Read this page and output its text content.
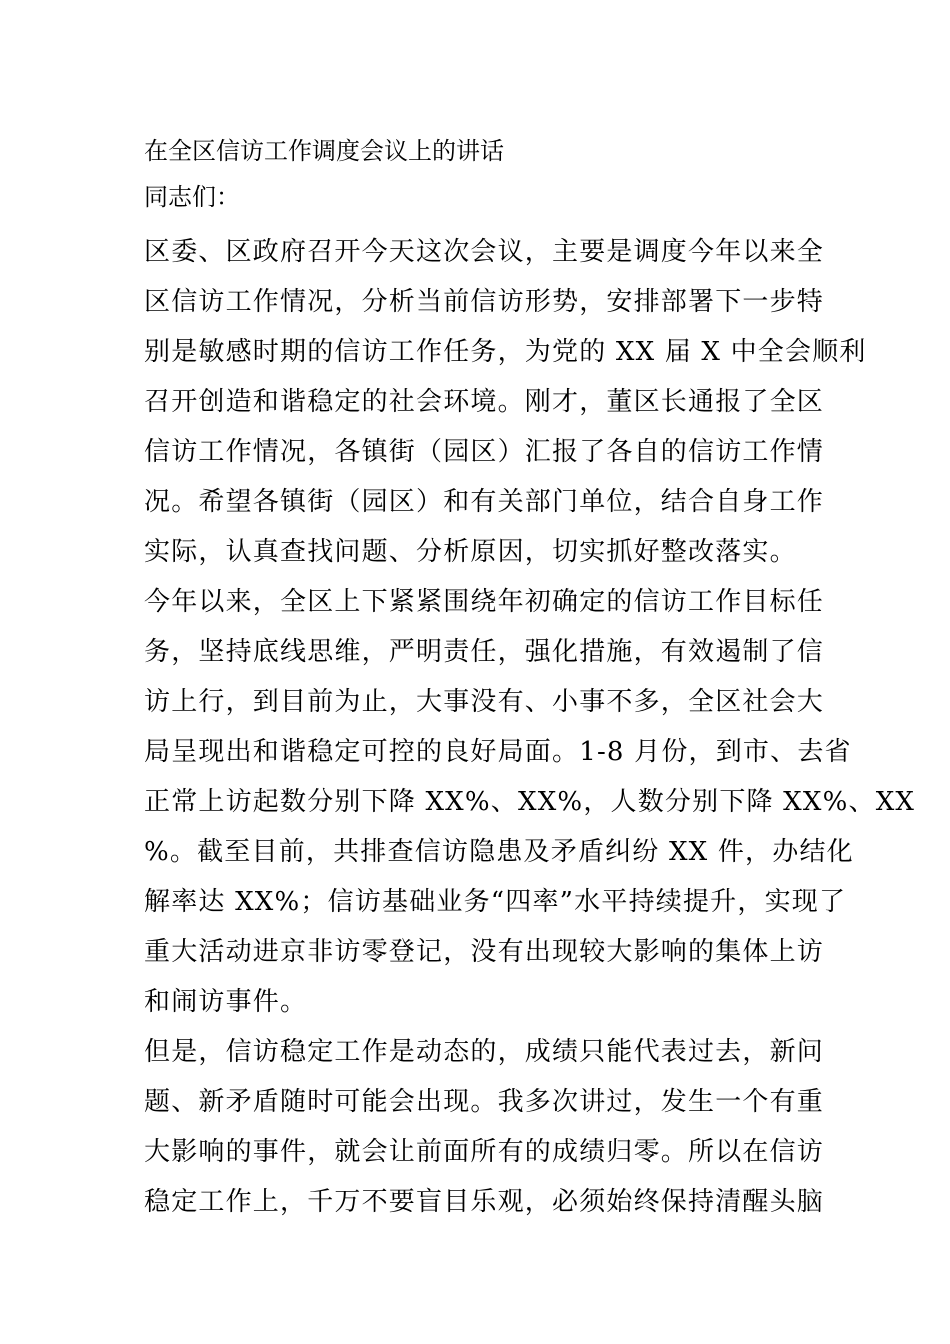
在全区信访工作调度会议上的讲话
同志们：
区委、区政府召开今天这次会议，主要是调度今年以来全
区信访工作情况，分析当前信访形势，安排部署下一步特
别是敏感时期的信访工作任务，为党的 XX 届 X 中全会顺利
召开创造和谐稳定的社会环境。刚才，董区长通报了全区
信访工作情况，各镇街（园区）汇报了各自的信访工作情
况。希望各镇街（园区）和有关部门单位，结合自身工作
实际，认真查找问题、分析原因，切实抓好整改落实。
今年以来，全区上下紧紧围绕年初确定的信访工作目标任
务，坚持底线思维，严明责任，强化措施，有效遏制了信
访上行，到目前为止，大事没有、小事不多，全区社会大
局呈现出和谐稳定可控的良好局面。1-8 月份，到市、去省
正常上访起数分别下降 XX%、XX%，人数分别下降 XX%、XX
%。截至目前，共排查信访隐患及矛盾纠纷 XX 件，办结化
解率达 XX%；信访基础业务“四率”水平持续提升，实现了
重大活动进京非访零登记，没有出现较大影响的集体上访
和闹访事件。
但是，信访稳定工作是动态的，成绩只能代表过去，新问
题、新矛盾随时可能会出现。我多次讲过，发生一个有重
大影响的事件，就会让前面所有的成绩归零。所以在信访
稳定工作上，千万不要盲目乐观，必须始终保持清醒头脑
